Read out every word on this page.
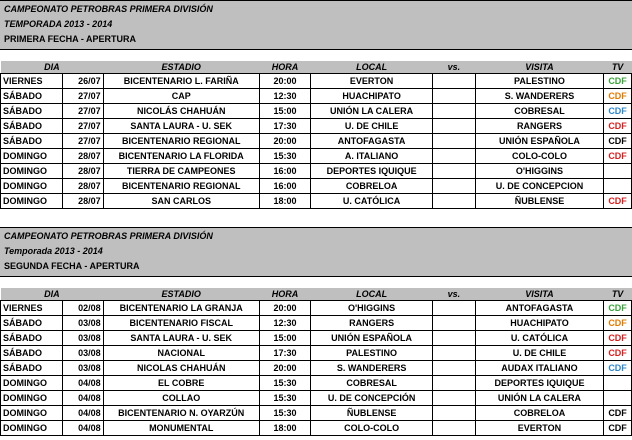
CAMPEONATO PETROBRAS PRIMERA DIVISIÓN
TEMPORADA 2013 - 2014
PRIMERA FECHA - APERTURA
DIA		ESTADIO	HORA	LOCAL	vs.	VISITA	TV
VIERNES	26/07	BICENTENARIO L. FARIÑA	20:00	EVERTON		PALESTINO	CDF
SÁBADO	27/07	CAP	12:30	HUACHIPATO		S. WANDERERS	CDF
SÁBADO	27/07	NICOLÁS CHAHUÁN	15:00	UNIÓN LA CALERA		COBRESAL	CDF
SÁBADO	27/07	SANTA LAURA - U. SEK	17:30	U. DE CHILE		RANGERS	CDF
SÁBADO	27/07	BICENTENARIO REGIONAL	20:00	ANTOFAGASTA		UNIÓN ESPAÑOLA	CDF
DOMINGO	28/07	BICENTENARIO LA FLORIDA	15:30	A. ITALIANO		COLO-COLO	CDF
DOMINGO	28/07	TIERRA DE CAMPEONES	16:00	DEPORTES IQUIQUE		O'HIGGINS	
DOMINGO	28/07	BICENTENARIO REGIONAL	16:00	COBRELOA		U. DE CONCEPCION	
DOMINGO	28/07	SAN CARLOS	18:00	U. CATÓLICA		ÑUBLENSE	CDF
CAMPEONATO PETROBRAS PRIMERA DIVISIÓN
Temporada 2013 - 2014
SEGUNDA FECHA - APERTURA
DIA		ESTADIO	HORA	LOCAL	vs.	VISITA	TV
VIERNES	02/08	BICENTENARIO LA GRANJA	20:00	O'HIGGINS		ANTOFAGASTA	CDF
SÁBADO	03/08	BICENTENARIO FISCAL	12:30	RANGERS		HUACHIPATO	CDF
SÁBADO	03/08	SANTA LAURA - U. SEK	15:00	UNIÓN ESPAÑOLA		U. CATÓLICA	CDF
SÁBADO	03/08	NACIONAL	17:30	PALESTINO		U. DE CHILE	CDF
SÁBADO	03/08	NICOLAS CHAHUÁN	20:00	S. WANDERERS		AUDAX ITALIANO	CDF
DOMINGO	04/08	EL COBRE	15:30	COBRESAL		DEPORTES IQUIQUE	
DOMINGO	04/08	COLLAO	15:30	U. DE CONCEPCIÓN		UNIÓN LA CALERA	
DOMINGO	04/08	BICENTENARIO N. OYARZÚN	15:30	ÑUBLENSE		COBRELOA	CDF
DOMINGO	04/08	MONUMENTAL	18:00	COLO-COLO		EVERTON	CDF
